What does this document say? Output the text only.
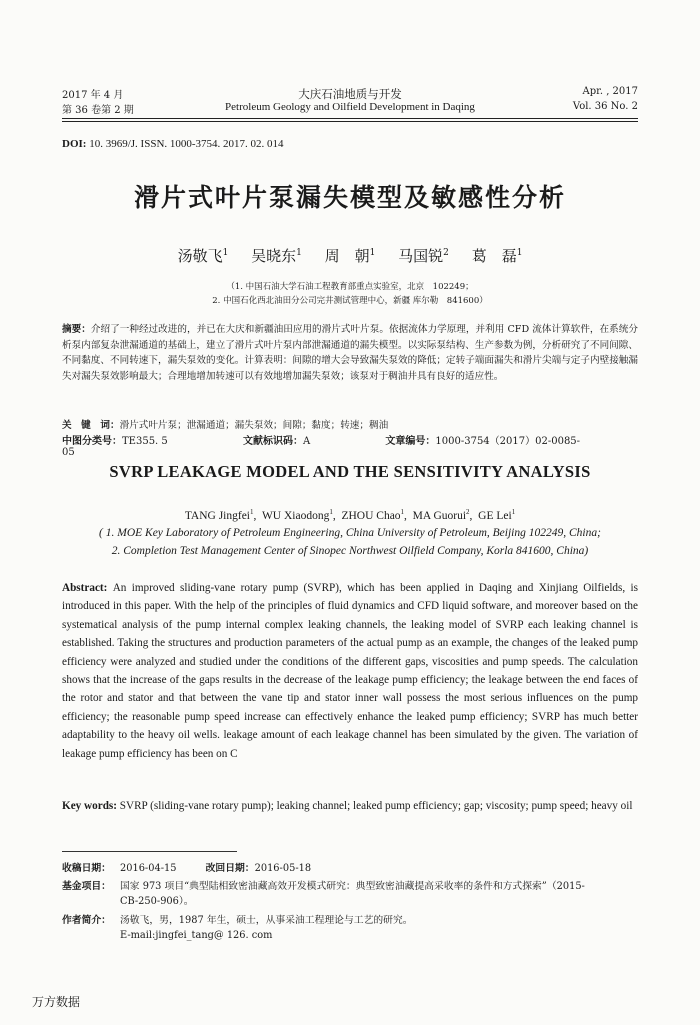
2017 年 4 月	大庆石油地质与开发	Apr. , 2017
第 36 卷第 2 期	Petroleum Geology and Oilfield Development in Daqing	Vol. 36 No. 2
DOI: 10. 3969/J. ISSN. 1000-3754. 2017. 02. 014
滑片式叶片泵漏失模型及敏感性分析
汤敬飞$^1$ 吴晓东$^1$ 周　朝$^1$ 马国锐$^2$ 葛　磊$^1$
（1. 中国石油大学石油工程教育部重点实验室，北京　102249；
2. 中国石化西北油田分公司完井测试管理中心，新疆 库尔勒　841600）
摘要：介绍了一种经过改进的，并已在大庆和新疆油田应用的滑片式叶片泵。依据流体力学原理，并利用 CFD 流体计算软件，在系统分析泵内部复杂泄漏通道的基础上，建立了滑片式叶片泵内部泄漏通道的漏失模型。以实际泵结构、生产参数为例，分析研究了不同间隙、不同黏度、不同转速下，漏失泵效的变化。计算表明：间隙的增大会导致漏失泵效的降低；定转子端面漏失和滑片尖端与定子内壁接触漏失对漏失泵效影响最大；合理地增加转速可以有效地增加漏失泵效；该泵对于稠油井具有良好的适应性。
关　键　词：滑片式叶片泵；泄漏通道；漏失泵效；间隙；黏度；转速；稠油
中图分类号：TE355. 5	文献标识码：A	文章编号：1000-3754（2017）02-0085-05
SVRP LEAKAGE MODEL AND THE SENSITIVITY ANALYSIS
TANG Jingfei$^1$,  WU Xiaodong$^1$,  ZHOU Chao$^1$,  MA Guorui$^2$,  GE Lei$^1$
( 1. MOE Key Laboratory of Petroleum Engineering, China University of Petroleum, Beijing 102249, China;
2. Completion Test Management Center of Sinopec Northwest Oilfield Company, Korla 841600, China)
Abstract: An improved sliding-vane rotary pump (SVRP), which has been applied in Daqing and Xinjiang Oilfields, is introduced in this paper. With the help of the principles of fluid dynamics and CFD liquid software, and moreover based on the systematical analysis of the pump internal complex leaking channels, the leaking model of SVRP each leaking channel is established. Taking the structures and production parameters of the actual pump as an example, the changes of the leaked pump efficiency were analyzed and studied under the conditions of the different gaps, viscosities and pump speeds. The calculation shows that the increase of the gaps results in the decrease of the leakage pump efficiency; the leakage between the end faces of the rotor and stator and that between the vane tip and stator inner wall possess the most serious influences on the pump efficiency; the reasonable pump speed increase can effectively enhance the leaked pump efficiency; SVRP has much better adaptability to the heavy oil wells. leakage amount of each leakage channel has been simulated by the given. The variation of leakage pump efficiency has been on C
Key words: SVRP (sliding-vane rotary pump); leaking channel; leaked pump efficiency; gap; viscosity; pump speed; heavy oil
收稿日期： 2016-04-15	改回日期：2016-05-18
基金项目： 国家 973 项目“典型陆相致密油藏高效开发模式研究：典型致密油藏提高采收率的条件和方式探索”（2015-
CB-250-906）。
作者简介： 汤敬飞，男，1987 年生，硕士，从事采油工程理论与工艺的研究。
E-mail:jingfei_tang@ 126. com
万方数据
